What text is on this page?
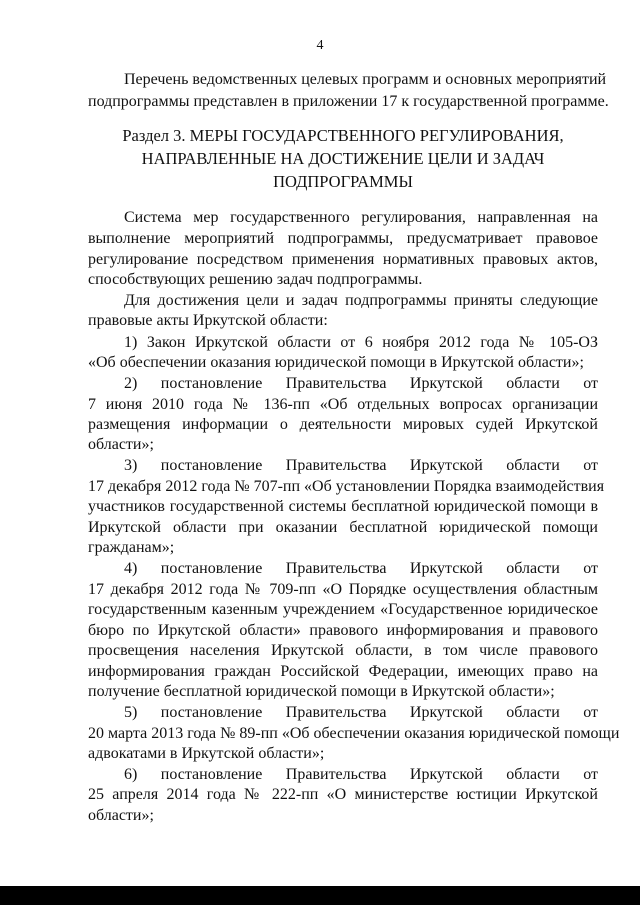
4
Перечень ведомственных целевых программ и основных мероприятий
подпрограммы представлен в приложении 17 к государственной программе.
Раздел 3. МЕРЫ ГОСУДАРСТВЕННОГО РЕГУЛИРОВАНИЯ,
НАПРАВЛЕННЫЕ НА ДОСТИЖЕНИЕ ЦЕЛИ И ЗАДАЧ
ПОДПРОГРАММЫ
Система мер государственного регулирования, направленная на
выполнение мероприятий подпрограммы, предусматривает правовое
регулирование посредством применения нормативных правовых актов,
способствующих решению задач подпрограммы.
Для достижения цели и задач подпрограммы приняты следующие
правовые акты Иркутской области:
1) Закон Иркутской области от 6 ноября 2012 года № 105-ОЗ
«Об обеспечении оказания юридической помощи в Иркутской области»;
2) постановление Правительства Иркутской области от
7 июня 2010 года № 136-пп «Об отдельных вопросах организации
размещения информации о деятельности мировых судей Иркутской
области»;
3) постановление Правительства Иркутской области от
17 декабря 2012 года № 707-пп «Об установлении Порядка взаимодействия
участников государственной системы бесплатной юридической помощи в
Иркутской области при оказании бесплатной юридической помощи
гражданам»;
4) постановление Правительства Иркутской области от
17 декабря 2012 года № 709-пп «О Порядке осуществления областным
государственным казенным учреждением «Государственное юридическое
бюро по Иркутской области» правового информирования и правового
просвещения населения Иркутской области, в том числе правового
информирования граждан Российской Федерации, имеющих право на
получение бесплатной юридической помощи в Иркутской области»;
5) постановление Правительства Иркутской области от
20 марта 2013 года № 89-пп «Об обеспечении оказания юридической помощи
адвокатами в Иркутской области»;
6) постановление Правительства Иркутской области от
25 апреля 2014 года № 222-пп «О министерстве юстиции Иркутской
области»;
